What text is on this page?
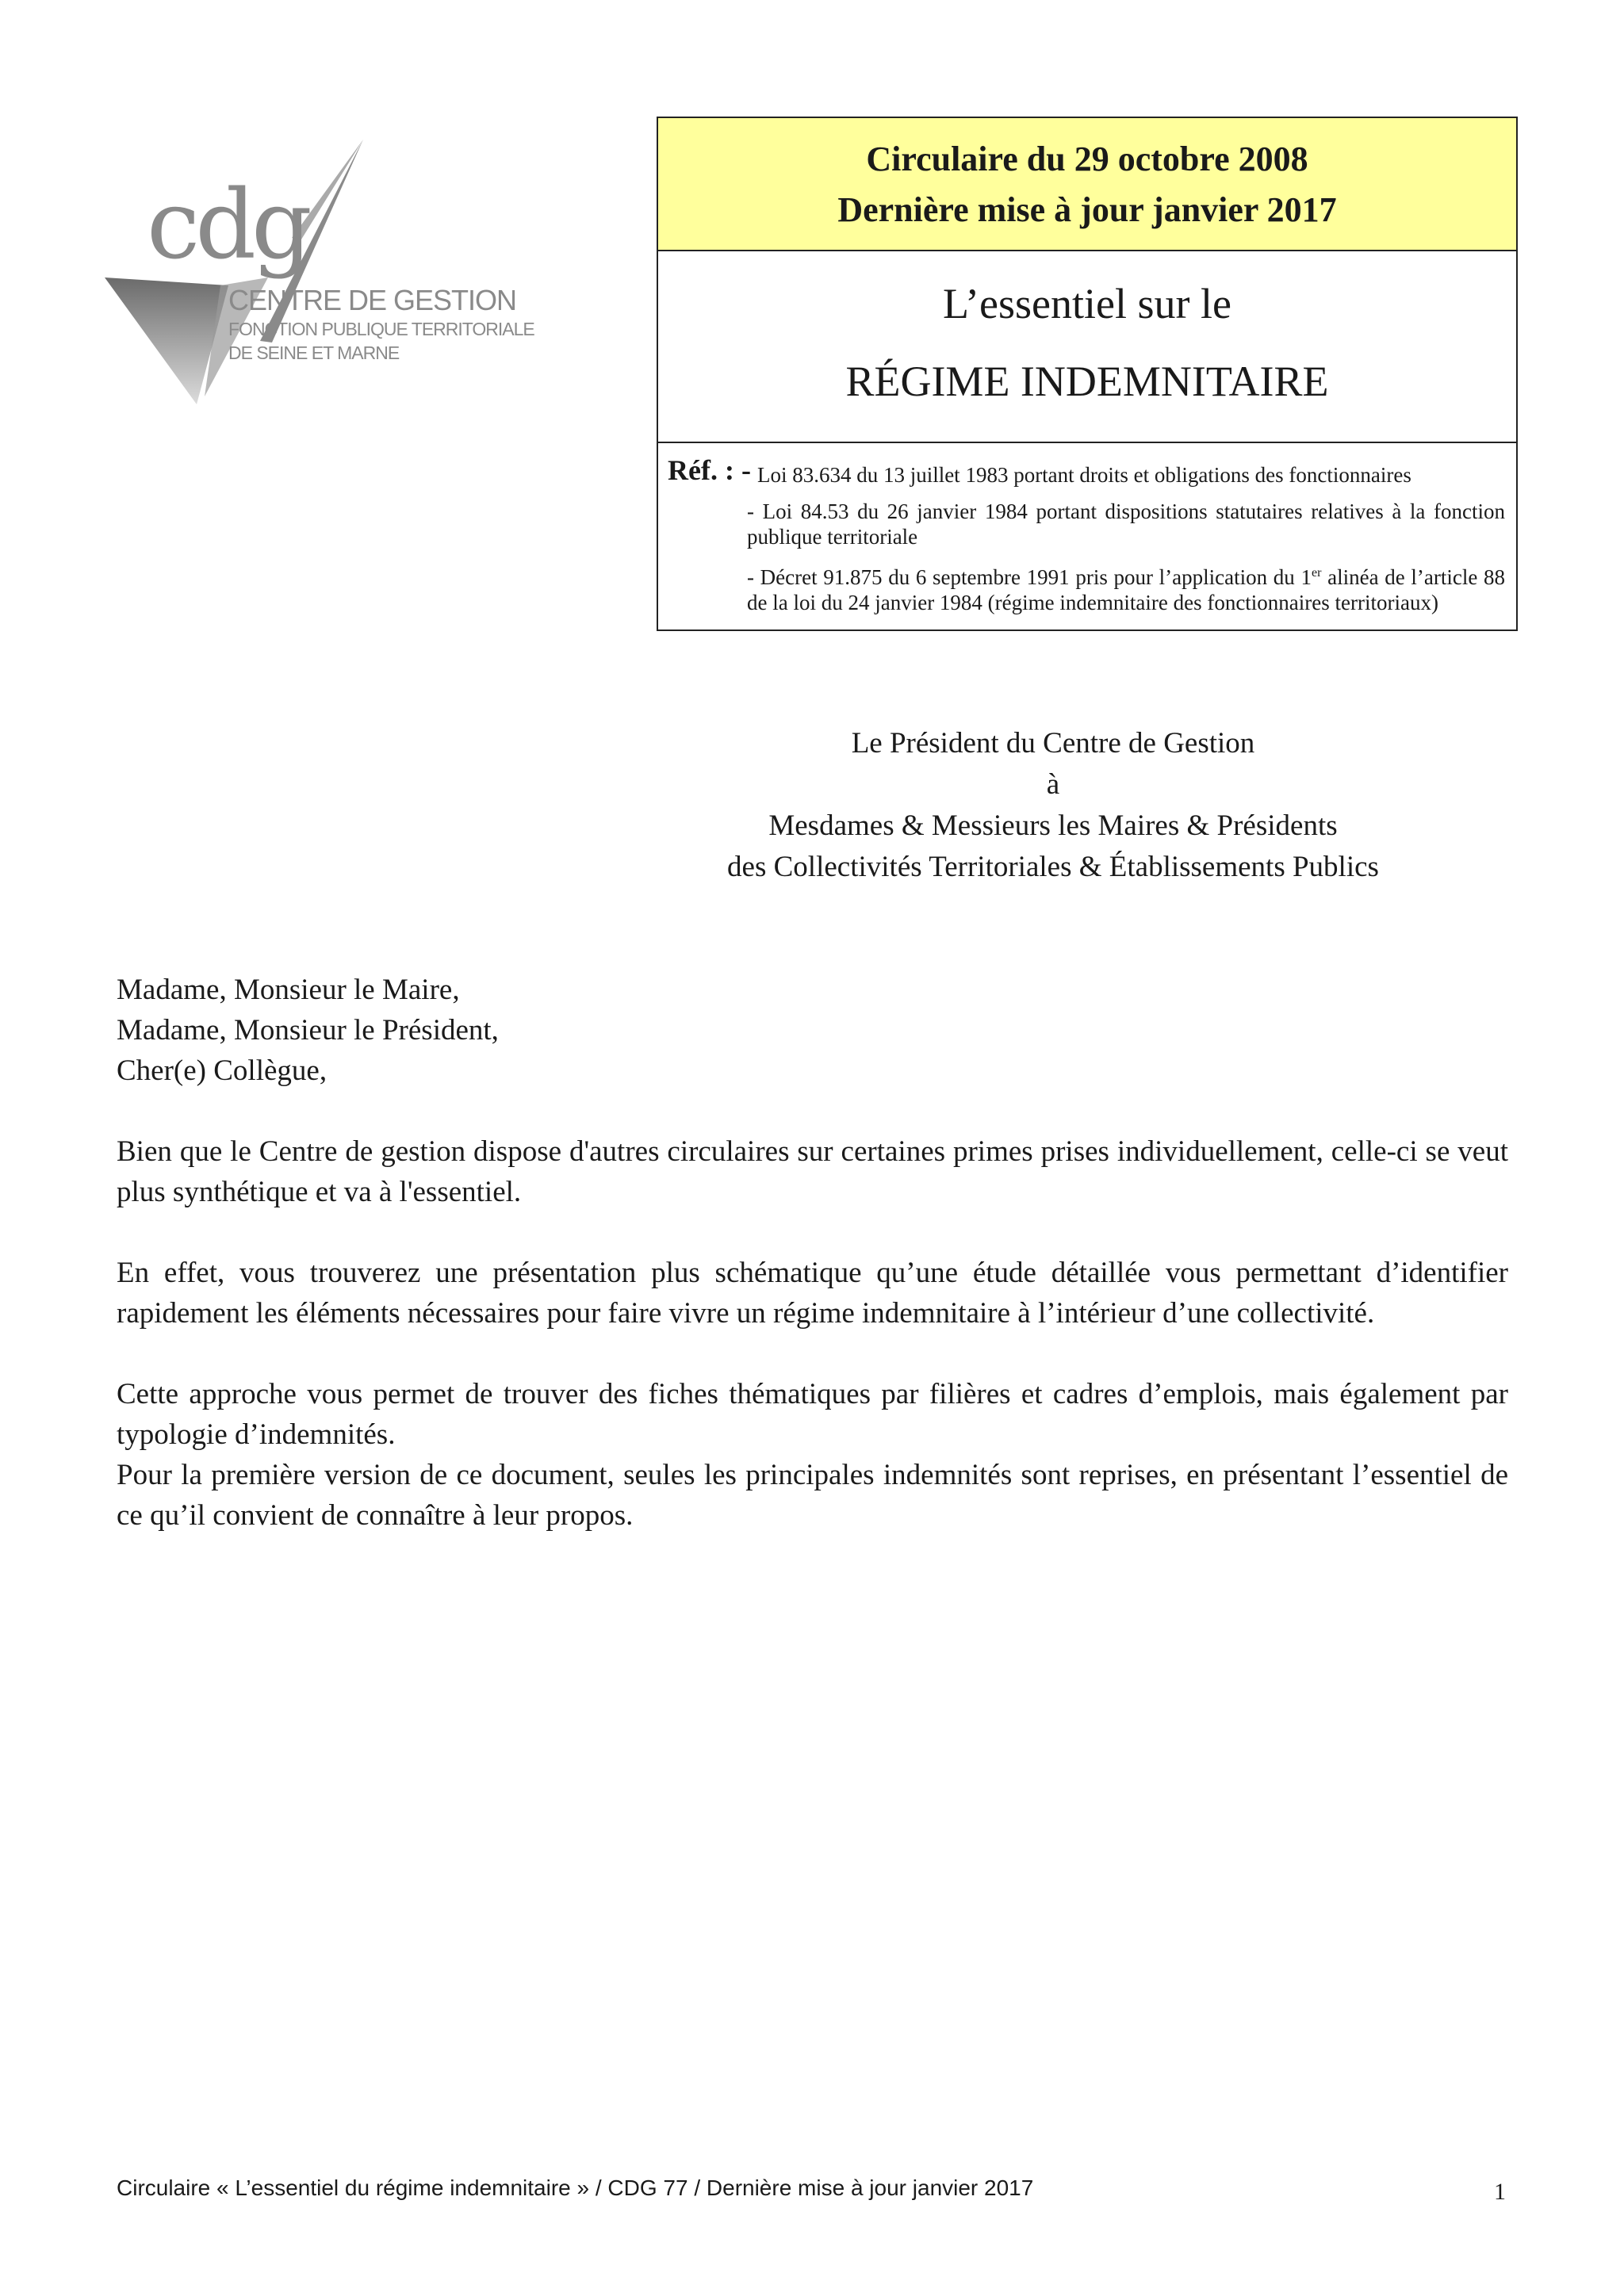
cdg
CENTRE DE GESTION
FONCTION PUBLIQUE TERRITORIALE
DE SEINE ET MARNE
Circulaire du 29 octobre 2008
Dernière mise à jour janvier 2017
L’essentiel sur le
RÉGIME INDEMNITAIRE
Réf. : - Loi 83.634 du 13 juillet 1983 portant droits et obligations des fonctionnaires
- Loi 84.53 du 26 janvier 1984 portant dispositions statutaires relatives à la fonction publique territoriale
- Décret 91.875 du 6 septembre 1991 pris pour l’application du 1er alinéa de l’article 88 de la loi du 24 janvier 1984 (régime indemnitaire des fonctionnaires territoriaux)
Le Président du Centre de Gestion
à
Mesdames & Messieurs les Maires & Présidents
des Collectivités Territoriales & Établissements Publics

Madame, Monsieur le Maire,

Madame, Monsieur le Président,

Cher(e) Collègue,

Bien que le Centre de gestion dispose d'autres circulaires sur certaines primes prises individuellement, celle-ci se veut plus synthétique et va à l'essentiel.

En effet, vous trouverez une présentation plus schématique qu’une étude détaillée vous permettant d’identifier rapidement les éléments nécessaires pour faire vivre un régime indemnitaire à l’intérieur d’une collectivité.

Cette approche vous permet de trouver des fiches thématiques par filières et cadres d’emplois, mais également par typologie d’indemnités.

Pour la première version de ce document, seules les principales indemnités sont reprises, en présentant l’essentiel de ce qu’il convient de connaître à leur propos.

Circulaire « L’essentiel du régime indemnitaire » / CDG 77 / Dernière mise à jour janvier 2017	1
